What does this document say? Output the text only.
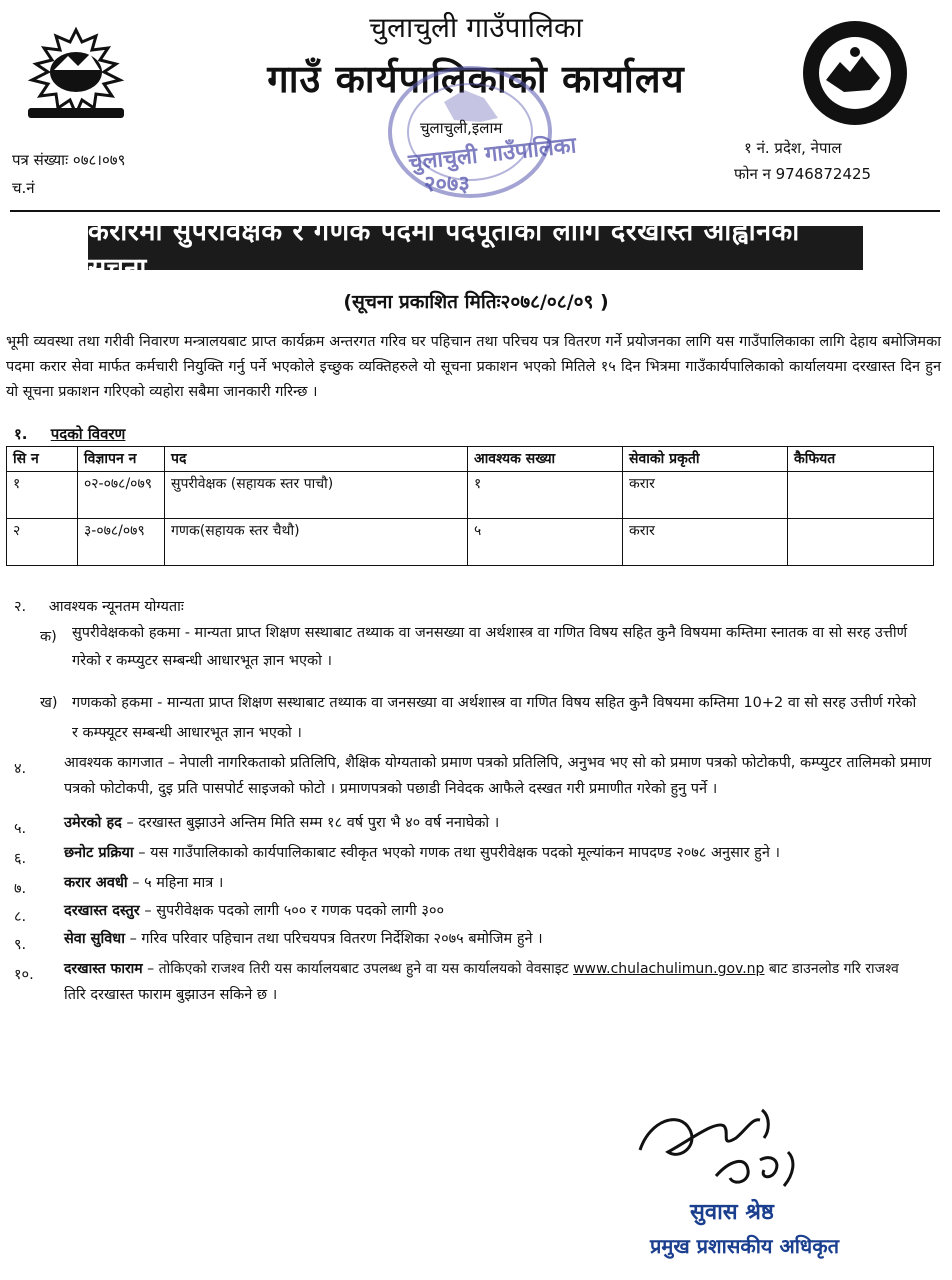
चुलाचुली गाउँपालिका
गाउँ कार्यपालिकाको कार्यालय
चुलाचुली गाउँपालिका
२०७३
चुलाचुली,इलाम
पत्र संख्याः ०७८।०७९
च.नं
१ नं. प्रदेश, नेपाल
फोन न 9746872425
करारमा सुपरीवेक्षक र गणक पदमा पदपूर्तीका लागि दरखास्त आह्वानको सूचना
(सूचना प्रकाशित मितिः२०७८/०८/०९ )
भूमी व्यवस्था तथा गरीवी निवारण मन्त्रालयबाट प्राप्त कार्यक्रम अन्तरगत गरिव घर पहिचान तथा परिचय पत्र वितरण गर्ने प्रयोजनका लागि यस गाउँपालिकाका लागि देहाय बमोजिमका पदमा करार सेवा मार्फत कर्मचारी नियुक्ति गर्नु पर्ने भएकोले इच्छुक व्यक्तिहरुले यो सूचना प्रकाशन भएको मितिले १५ दिन भित्रमा गाउँकार्यपालिकाको कार्यालयमा दरखास्त दिन हुन यो सूचना प्रकाशन गरिएको व्यहोरा सबैमा जानकारी गरिन्छ ।
१. पदको विवरण
सि न	विज्ञापन न	पद	आवश्यक सख्या	सेवाको प्रकृती	कैफियत
१	०२-०७८/०७९	सुपरीवेक्षक (सहायक स्तर पाचौ)	१	करार	
२	३-०७८/०७९	गणक(सहायक स्तर चैथौ)	५	करार	
२. आवश्यक न्यूनतम योग्यताः
क) सुपरीवेक्षकको हकमा - मान्यता प्राप्त शिक्षण सस्थाबाट तथ्याक वा जनसख्या वा अर्थशास्त्र वा गणित विषय सहित कुनै विषयमा कम्तिमा स्नातक वा सो सरह उत्तीर्ण
गरेको र कम्प्युटर सम्बन्धी आधारभूत ज्ञान भएको ।
ख) गणकको हकमा - मान्यता प्राप्त शिक्षण सस्थाबाट तथ्याक वा जनसख्या वा अर्थशास्त्र वा गणित विषय सहित कुनै विषयमा कम्तिमा 10+2 वा सो सरह उत्तीर्ण गरेको
र कम्फ्यूटर सम्बन्धी आधारभूत ज्ञान भएको ।
४.	आवश्यक कागजात – नेपाली नागरिकताको प्रतिलिपि, शैक्षिक योग्यताको प्रमाण पत्रको प्रतिलिपि, अनुभव भए सो को प्रमाण पत्रको फोटोकपी, कम्प्युटर तालिमको प्रमाण
पत्रको फोटोकपी, दुइ प्रति पासपोर्ट साइजको फोटो । प्रमाणपत्रको पछाडी निवेदक आफैले दस्खत गरी प्रमाणीत गरेको हुनु पर्ने ।
५.	उमेरको हद – दरखास्त बुझाउने अन्तिम मिति सम्म १८ वर्ष पुरा भै ४० वर्ष ननाघेको ।
६.	छनोट प्रक्रिया – यस गाउँपालिकाको कार्यपालिकाबाट स्वीकृत भएको गणक तथा सुपरीवेक्षक पदको मूल्यांकन मापदण्ड २०७८ अनुसार हुने ।
७.	करार अवधी – ५ महिना मात्र ।
८.	दरखास्त दस्तुर – सुपरीवेक्षक पदको लागी ५०० र गणक पदको लागी ३००
९.	सेवा सुविधा – गरिव परिवार पहिचान तथा परिचयपत्र वितरण निर्देशिका २०७५ बमोजिम हुने ।
१०. दरखास्त फाराम – तोकिएको राजश्व तिरी यस कार्यालयबाट उपलब्ध हुने वा यस कार्यालयको वेवसाइट www.chulachulimun.gov.np बाट डाउनलोड गरि राजश्व
तिरि दरखास्त फाराम बुझाउन सकिने छ ।
सुवास श्रेष्ठ
प्रमुख प्रशासकीय अधिकृत
